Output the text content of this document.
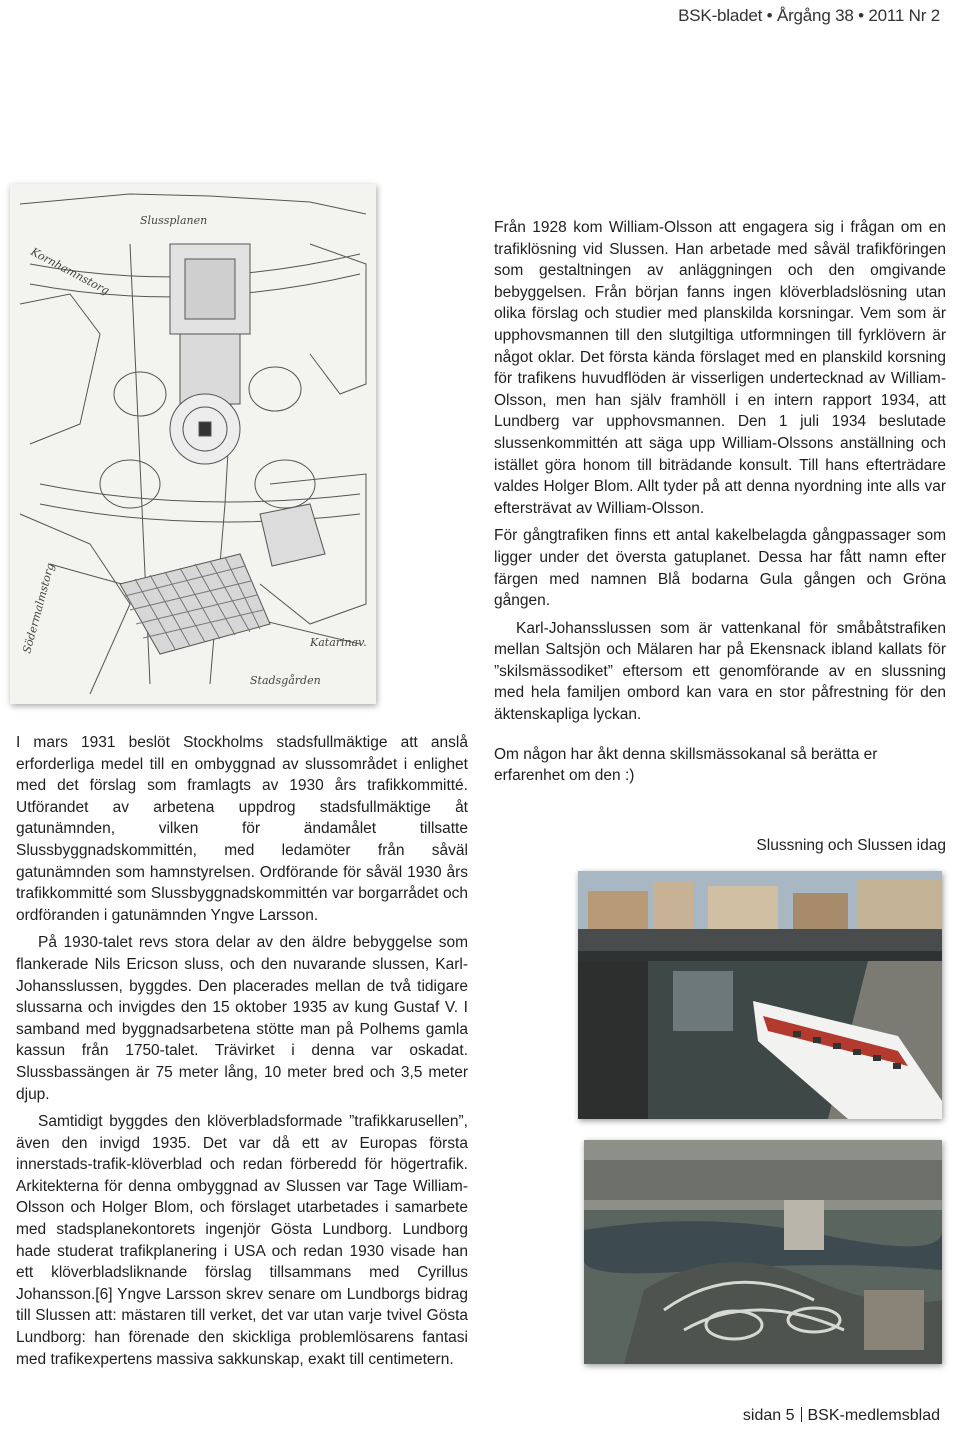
BSK-bladet • Årgång 38 • 2011 Nr 2
Slussplanen
Kornhamnstorg
Stadsgården
Södermalmstorg	Katarinav.

I mars 1931 beslöt Stockholms stadsfullmäktige att anslå erforderliga medel till en ombyggnad av slussområdet i enlighet med det förslag som framlagts av 1930 års trafikkommitté. Utförandet av arbetena uppdrog stadsfullmäktige åt gatunämnden, vilken för ändamålet tillsatte Slussbyggnadskommittén, med ledamöter från såväl gatunämnden som hamnstyrelsen. Ordförande för såväl 1930 års trafikkommitté som Slussbyggnadskommittén var borgarrådet och ordföranden i gatunämnden Yngve Larsson.

På 1930-talet revs stora delar av den äldre bebyggelse som flankerade Nils Ericson sluss, och den nuvarande slussen, Karl-Johansslussen, byggdes. Den placerades mellan de två tidigare slussarna och invigdes den 15 oktober 1935 av kung Gustaf V. I samband med byggnadsarbetena stötte man på Polhems gamla kassun från 1750-talet. Trävirket i denna var oskadat. Slussbassängen är 75 meter lång, 10 meter bred och 3,5 meter djup.

Samtidigt byggdes den klöverbladsformade ”trafikkarusellen”, även den invigd 1935. Det var då ett av Europas första innerstads-trafik-klöverblad och redan förberedd för högertrafik. Arkitekterna för denna ombyggnad av Slussen var Tage William-Olsson och Holger Blom, och förslaget utarbetades i samarbete med stadsplanekontorets ingenjör Gösta Lundborg. Lundborg hade studerat trafikplanering i USA och redan 1930 visade han ett klöverbladsliknande förslag tillsammans med Cyrillus Johansson.[6] Yngve Larsson skrev senare om Lundborgs bidrag till Slussen att: mästaren till verket, det var utan varje tvivel Gösta Lundborg: han förenade den skickliga problemlösarens fantasi med trafikexpertens massiva sakkunskap, exakt till centimetern.

Från 1928 kom William-Olsson att engagera sig i frågan om en trafiklösning vid Slussen. Han arbetade med såväl trafikföringen som gestaltningen av anläggningen och den omgivande bebyggelsen. Från början fanns ingen klöverbladslösning utan olika förslag och studier med planskilda korsningar. Vem som är upphovsmannen till den slutgiltiga utformningen till fyrklövern är något oklar. Det första kända förslaget med en planskild korsning för trafikens huvudflöden är visserligen undertecknad av William-Olsson, men han själv framhöll i en intern rapport 1934, att Lundberg var upphovsmannen. Den 1 juli 1934 beslutade slussenkommittén att säga upp William-Olssons anställning och istället göra honom till biträdande konsult. Till hans efterträdare valdes Holger Blom. Allt tyder på att denna nyordning inte alls var eftersträvat av William-Olsson.

För gångtrafiken finns ett antal kakelbelagda gångpassager som ligger under det översta gatuplanet. Dessa har fått namn efter färgen med namnen Blå bodarna Gula gången och Gröna gången.

Karl-Johansslussen som är vattenkanal för småbåtstrafiken mellan Saltsjön och Mälaren har på Ekensnack ibland kallats för ”skilsmässodiket” eftersom ett genomförande av en slussning med hela familjen ombord kan vara en stor påfrestning för den äktenskapliga lyckan.

Om någon har åkt denna skillsmässokanal så berätta er erfarenhet om den :)

Slussning och Slussen idag
sidan 5 BSK-medlemsblad
